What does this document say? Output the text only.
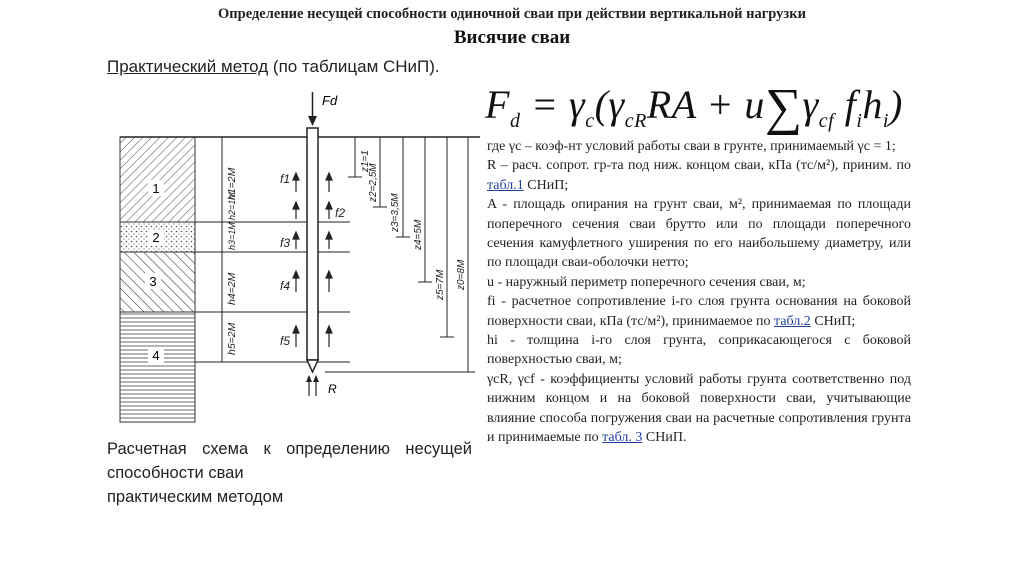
Определение несущей способности одиночной сваи при действии вертикальной нагрузки
Висячие сваи
Практический метод (по таблицам СНиП).
$F_d = \gamma_c(\gamma_{cR}RA + u\sum\gamma_{cf}$ $f_ih_i$)
1
2
3
4
h1=2М
h2=1М
h3=1М
h4=2М
h5=2М
Fd
R
f1
f2
f3
f4
f5
z1=1
z2=2,5М
z3=3,5М
z4=5М
z5=7М z0=8М

где γc – коэф-нт условий работы сваи в грунте, принимаемый γc = 1;

R – расч. сопрот. гр-та под ниж. концом сваи, кПа (тс/м²), приним. по табл.1 СНиП;

A - площадь опирания на грунт сваи, м², принимаемая по площади поперечного сечения сваи брутто или по площади поперечного сечения камуфлетного уширения по его наибольшему диаметру, или по площади сваи-оболочки нетто;

u - наружный периметр поперечного сечения сваи, м;

fi - расчетное сопротивление i-го слоя грунта основания на боковой поверхности сваи, кПа (тс/м²), принимаемое по табл.2 СНиП;

hi - толщина i-го слоя грунта, соприкасающегося с боковой поверхностью сваи, м;

γcR, γcf - коэффициенты условий работы грунта соответственно под нижним концом и на боковой поверхности сваи, учитывающие влияние способа погружения сваи на расчетные сопротивления грунта и принимаемые по табл. 3 СНиП.

Расчетная схема к определению несущей способности сваи
практическим методом
